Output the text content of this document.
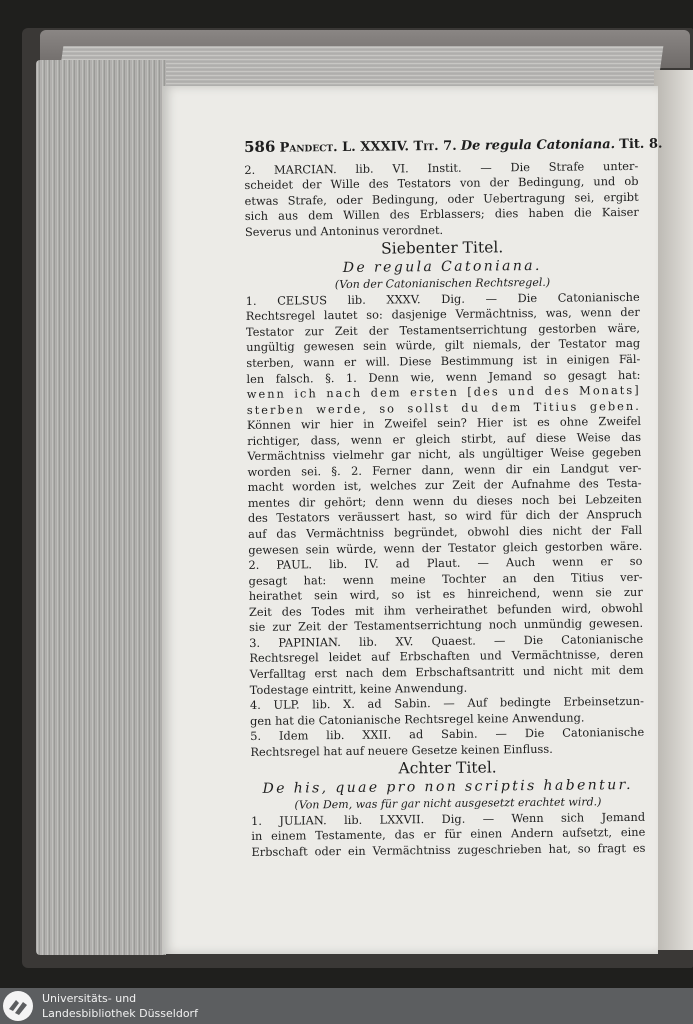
586 Pandect. L. XXXIV. Tit. 7. De regula Catoniana. Tit. 8.
2. MARCIAN. lib. VI. Instit. — Die Strafe unter-
scheidet der Wille des Testators von der Bedingung, und ob
etwas Strafe, oder Bedingung, oder Uebertragung sei, ergibt
sich aus dem Willen des Erblassers; dies haben die Kaiser
Severus und Antoninus verordnet.
Siebenter Titel.
De regula Catoniana.
(Von der Catonianischen Rechtsregel.)
1. CELSUS lib. XXXV. Dig. — Die Catonianische
Rechtsregel lautet so: dasjenige Vermächtniss, was, wenn der
Testator zur Zeit der Testamentserrichtung gestorben wäre,
ungültig gewesen sein würde, gilt niemals, der Testator mag
sterben, wann er will. Diese Bestimmung ist in einigen Fäl-
len falsch. §. 1. Denn wie, wenn Jemand so gesagt hat:
wenn ich nach dem ersten [des und des Monats]
sterben werde, so sollst du dem Titius geben.
Können wir hier in Zweifel sein? Hier ist es ohne Zweifel
richtiger, dass, wenn er gleich stirbt, auf diese Weise das
Vermächtniss vielmehr gar nicht, als ungültiger Weise gegeben
worden sei. §. 2. Ferner dann, wenn dir ein Landgut ver-
macht worden ist, welches zur Zeit der Aufnahme des Testa-
mentes dir gehört; denn wenn du dieses noch bei Lebzeiten
des Testators veräussert hast, so wird für dich der Anspruch
auf das Vermächtniss begründet, obwohl dies nicht der Fall
gewesen sein würde, wenn der Testator gleich gestorben wäre.
2. PAUL. lib. IV. ad Plaut. — Auch wenn er so
gesagt hat: wenn meine Tochter an den Titius ver-
heirathet sein wird, so ist es hinreichend, wenn sie zur
Zeit des Todes mit ihm verheirathet befunden wird, obwohl
sie zur Zeit der Testamentserrichtung noch unmündig gewesen.
3. PAPINIAN. lib. XV. Quaest. — Die Catonianische
Rechtsregel leidet auf Erbschaften und Vermächtnisse, deren
Verfalltag erst nach dem Erbschaftsantritt und nicht mit dem
Todestage eintritt, keine Anwendung.
4. ULP. lib. X. ad Sabin. — Auf bedingte Erbeinsetzun-
gen hat die Catonianische Rechtsregel keine Anwendung.
5. Idem lib. XXII. ad Sabin. — Die Catonianische
Rechtsregel hat auf neuere Gesetze keinen Einfluss.
Achter Titel.
De his, quae pro non scriptis habentur.
(Von Dem, was für gar nicht ausgesetzt erachtet wird.)
1. JULIAN. lib. LXXVII. Dig. — Wenn sich Jemand
in einem Testamente, das er für einen Andern aufsetzt, eine
Erbschaft oder ein Vermächtniss zugeschrieben hat, so fragt es
Universitäts- und
Landesbibliothek Düsseldorf
